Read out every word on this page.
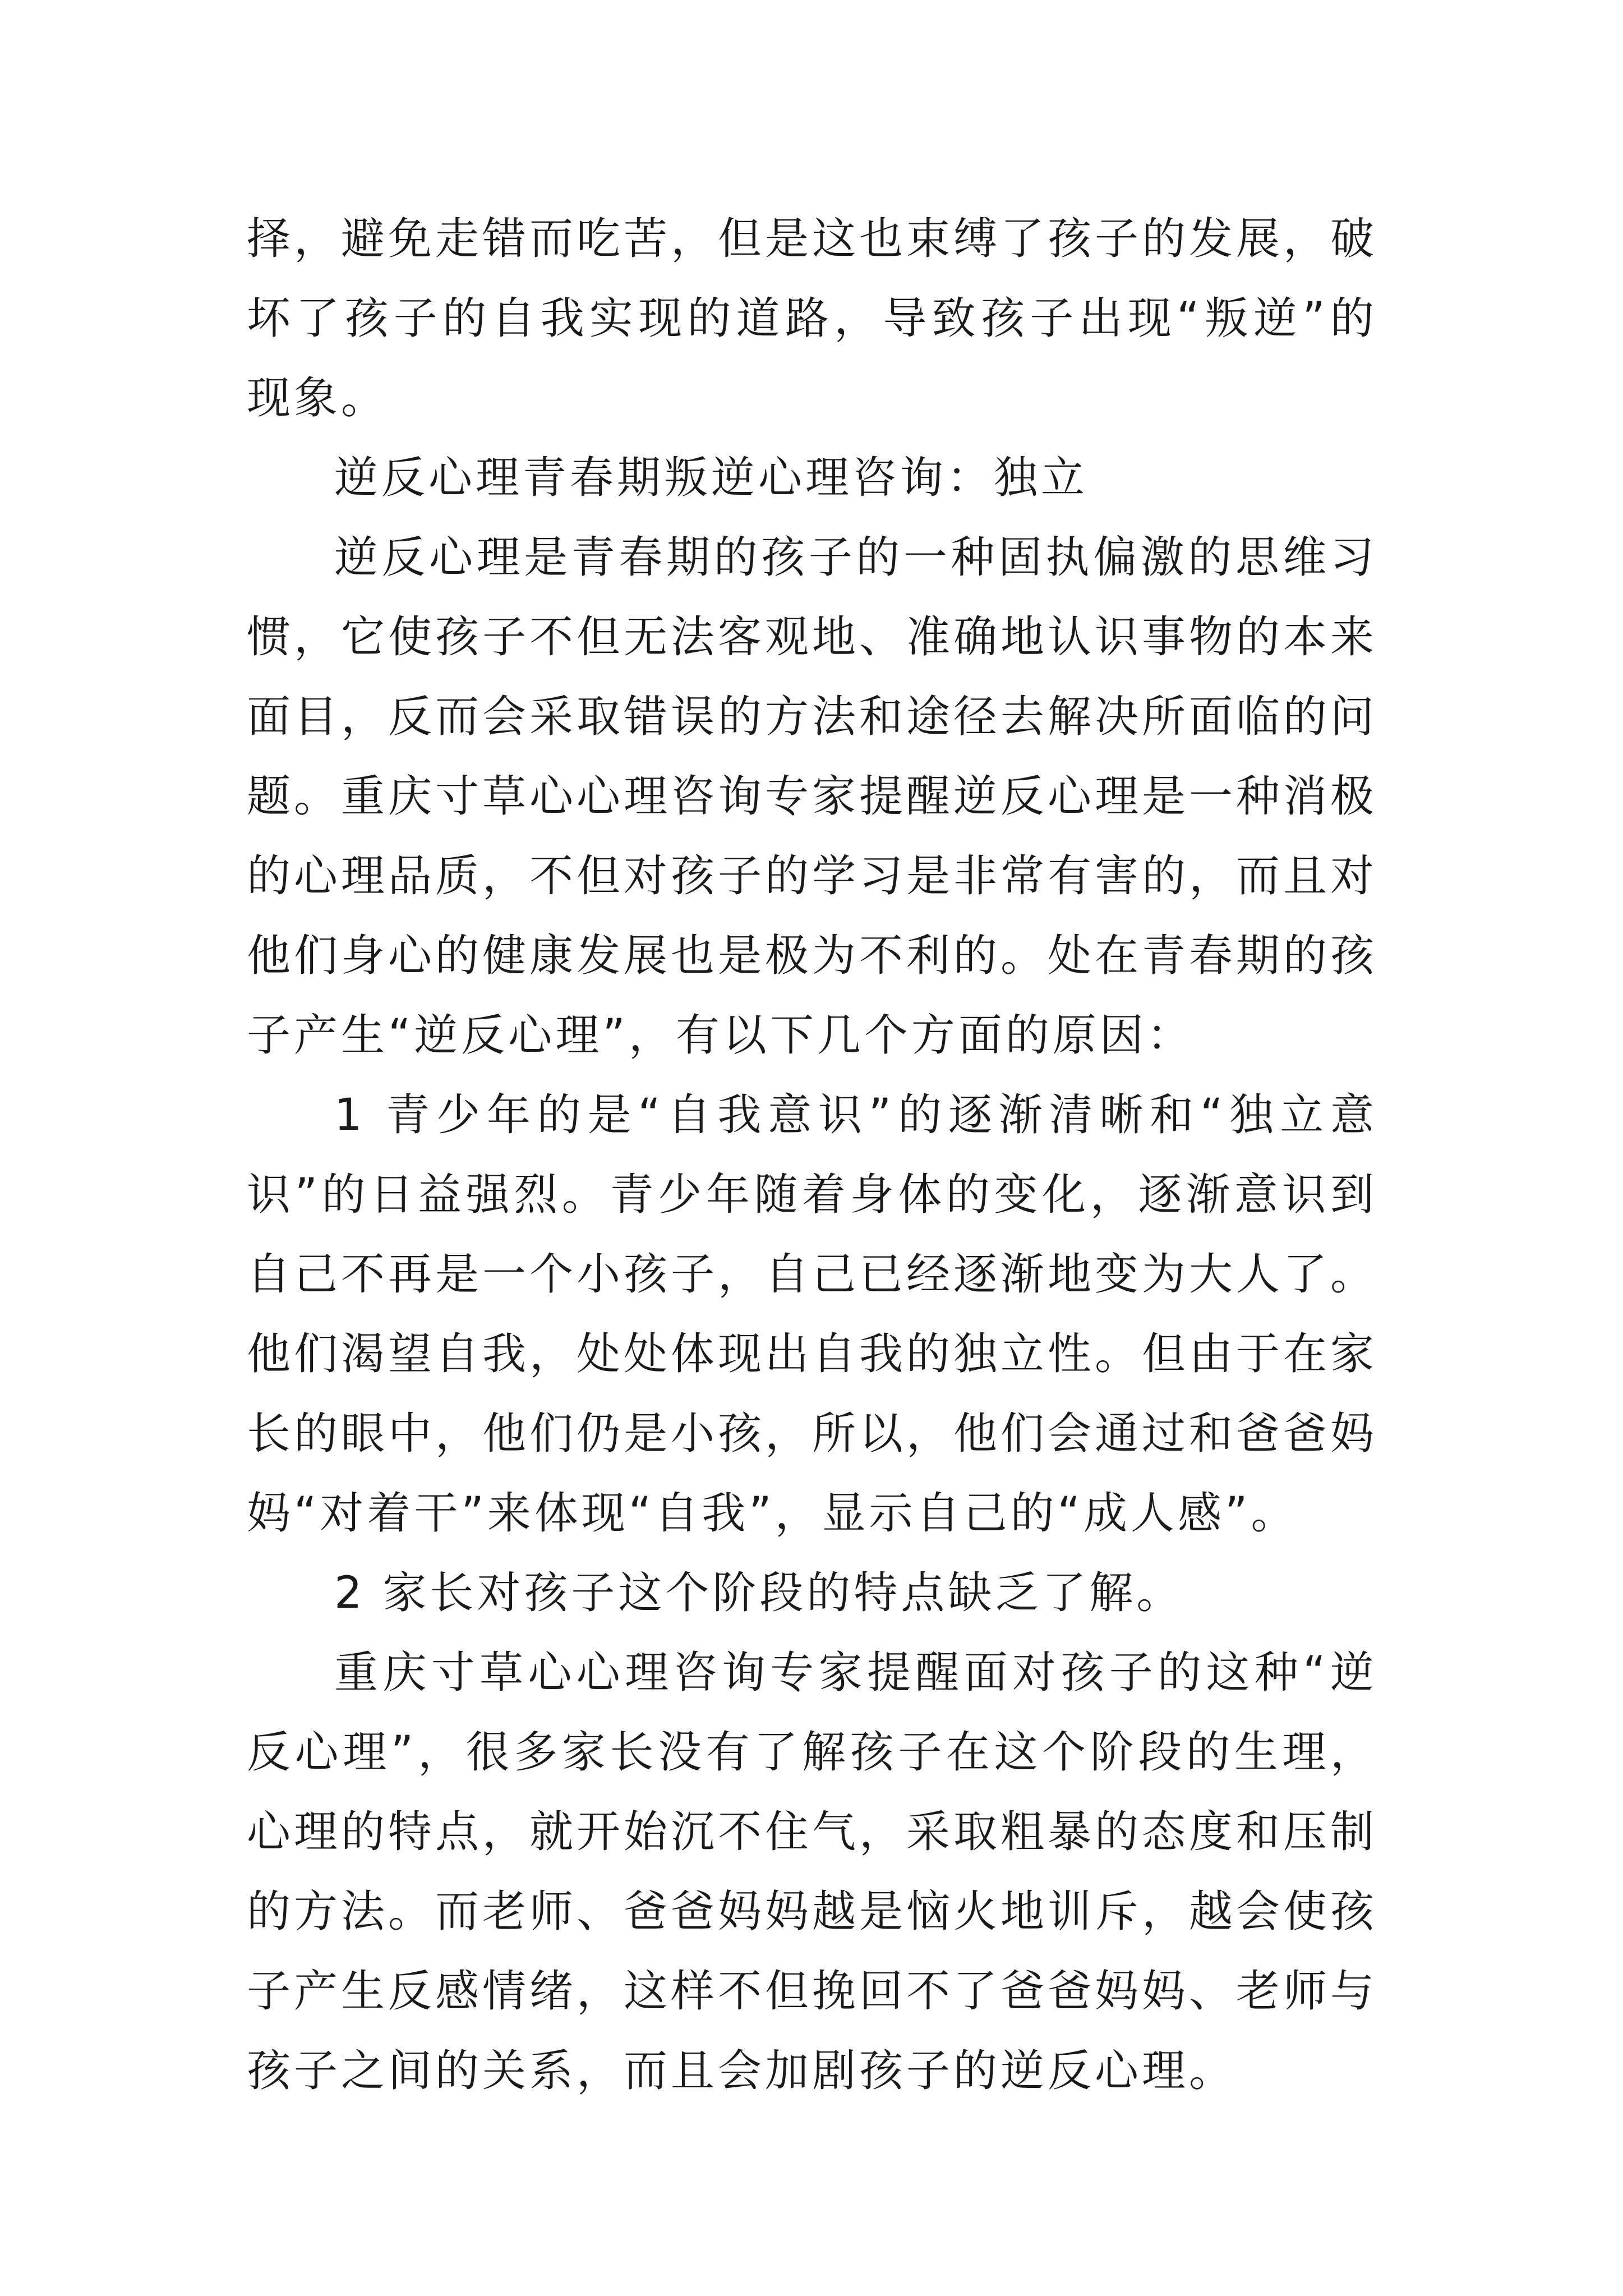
择，避免走错而吃苦，但是这也束缚了孩子的发展，破坏了孩子的自我实现的道路，导致孩子出现“叛逆”的现象。

逆反心理青春期叛逆心理咨询：独立

逆反心理是青春期的孩子的一种固执偏激的思维习惯，它使孩子不但无法客观地、准确地认识事物的本来面目，反而会采取错误的方法和途径去解决所面临的问题。重庆寸草心心理咨询专家提醒逆反心理是一种消极的心理品质，不但对孩子的学习是非常有害的，而且对他们身心的健康发展也是极为不利的。处在青春期的孩子产生“逆反心理”，有以下几个方面的原因：

1 青少年的是“自我意识”的逐渐清晰和“独立意识”的日益强烈。青少年随着身体的变化，逐渐意识到自己不再是一个小孩子，自己已经逐渐地变为大人了。他们渴望自我，处处体现出自我的独立性。但由于在家长的眼中，他们仍是小孩，所以，他们会通过和爸爸妈妈“对着干”来体现“自我”，显示自己的“成人感”。

2 家长对孩子这个阶段的特点缺乏了解。

重庆寸草心心理咨询专家提醒面对孩子的这种“逆反心理”，很多家长没有了解孩子在这个阶段的生理，心理的特点，就开始沉不住气，采取粗暴的态度和压制的方法。而老师、爸爸妈妈越是恼火地训斥，越会使孩子产生反感情绪，这样不但挽回不了爸爸妈妈、老师与孩子之间的关系，而且会加剧孩子的逆反心理。
